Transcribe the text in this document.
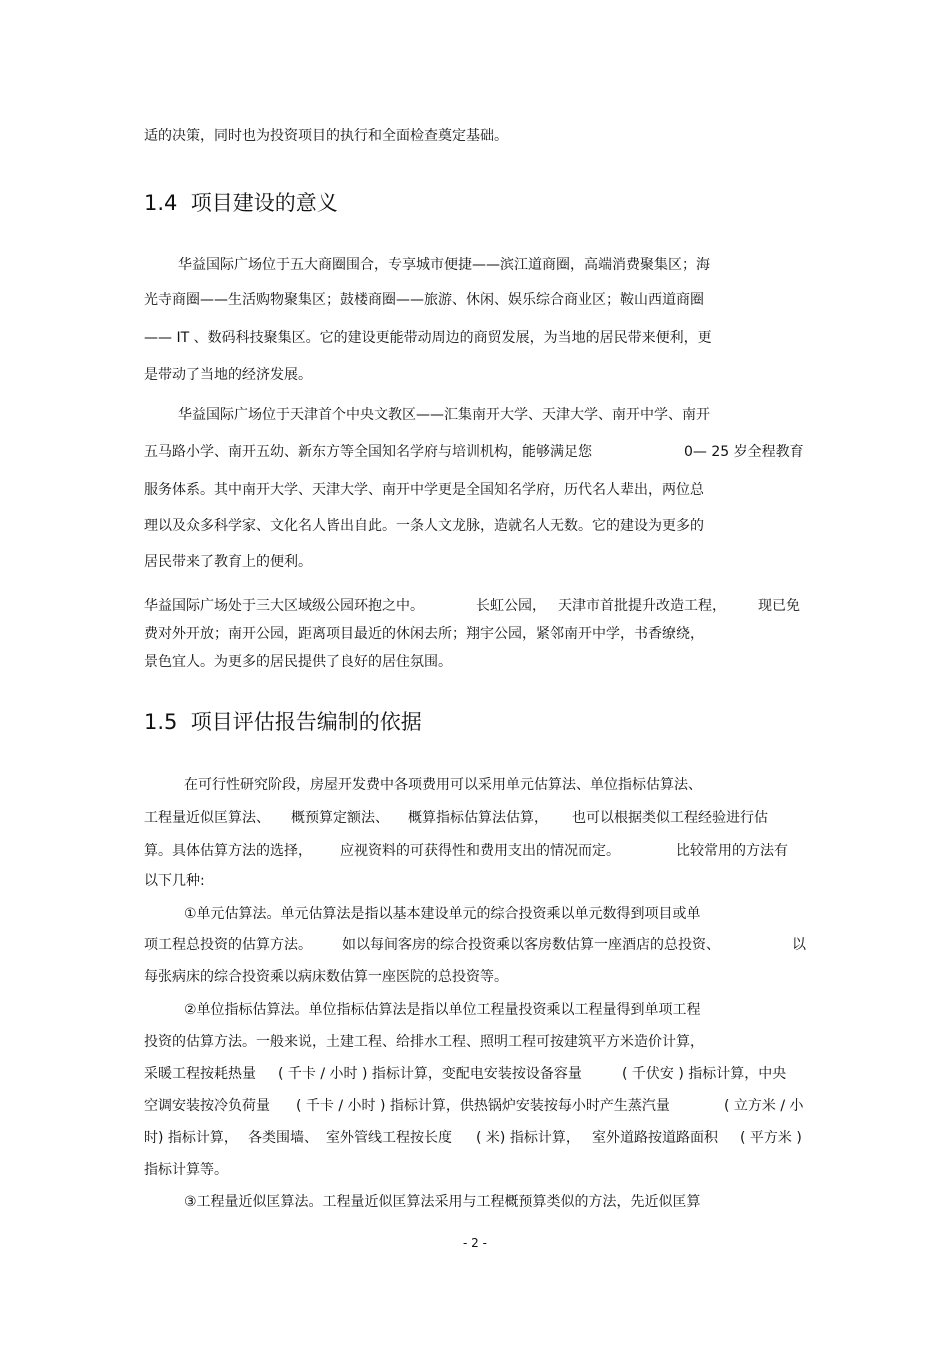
适的决策，同时也为投资项目的执行和全面检查奠定基础。
1.4  项目建设的意义
华益国际广场位于五大商圈围合，专享城市便捷——滨江道商圈，高端消费聚集区；海
光寺商圈——生活购物聚集区；鼓楼商圈——旅游、休闲、娱乐综合商业区；鞍山西道商圈
—— IT 、数码科技聚集区。它的建设更能带动周边的商贸发展，为当地的居民带来便利，更
是带动了当地的经济发展。
华益国际广场位于天津首个中央文教区——汇集南开大学、天津大学、南开中学、南开
五马路小学、南开五幼、新东方等全国知名学府与培训机构，能够满足您	0— 25 岁全程教育
服务体系。其中南开大学、天津大学、南开中学更是全国知名学府，历代名人辈出，两位总
理以及众多科学家、文化名人皆出自此。一条人文龙脉，造就名人无数。它的建设为更多的
居民带来了教育上的便利。
华益国际广场处于三大区域级公园环抱之中。	长虹公园， 天津市首批提升改造工程， 现已免
费对外开放；南开公园，距离项目最近的休闲去所；翔宇公园，紧邻南开中学，书香缭绕，
景色宜人。为更多的居民提供了良好的居住氛围。
1.5  项目评估报告编制的依据
在可行性研究阶段，房屋开发费中各项费用可以采用单元估算法、单位指标估算法、
工程量近似匡算法、 概预算定额法、 概算指标估算法估算， 也可以根据类似工程经验进行估
算。具体估算方法的选择， 应视资料的可获得性和费用支出的情况而定。	比较常用的方法有
以下几种:
①单元估算法。单元估算法是指以基本建设单元的综合投资乘以单元数得到项目或单
项工程总投资的估算方法。 如以每间客房的综合投资乘以客房数估算一座酒店的总投资、	以
每张病床的综合投资乘以病床数估算一座医院的总投资等。
②单位指标估算法。单位指标估算法是指以单位工程量投资乘以工程量得到单项工程
投资的估算方法。一般来说，土建工程、给排水工程、照明工程可按建筑平方米造价计算，
采暖工程按耗热量 ( 千卡 / 小时 ) 指标计算，变配电安装按设备容量	( 千伏安 ) 指标计算，中央
空调安装按冷负荷量 ( 千卡 / 小时 ) 指标计算，供热锅炉安装按每小时产生蒸汽量	( 立方米 / 小
时) 指标计算， 各类围墙、 室外管线工程按长度 ( 米) 指标计算， 室外道路按道路面积 ( 平方米 )
指标计算等。
③工程量近似匡算法。工程量近似匡算法采用与工程概预算类似的方法，先近似匡算
- 2 -
